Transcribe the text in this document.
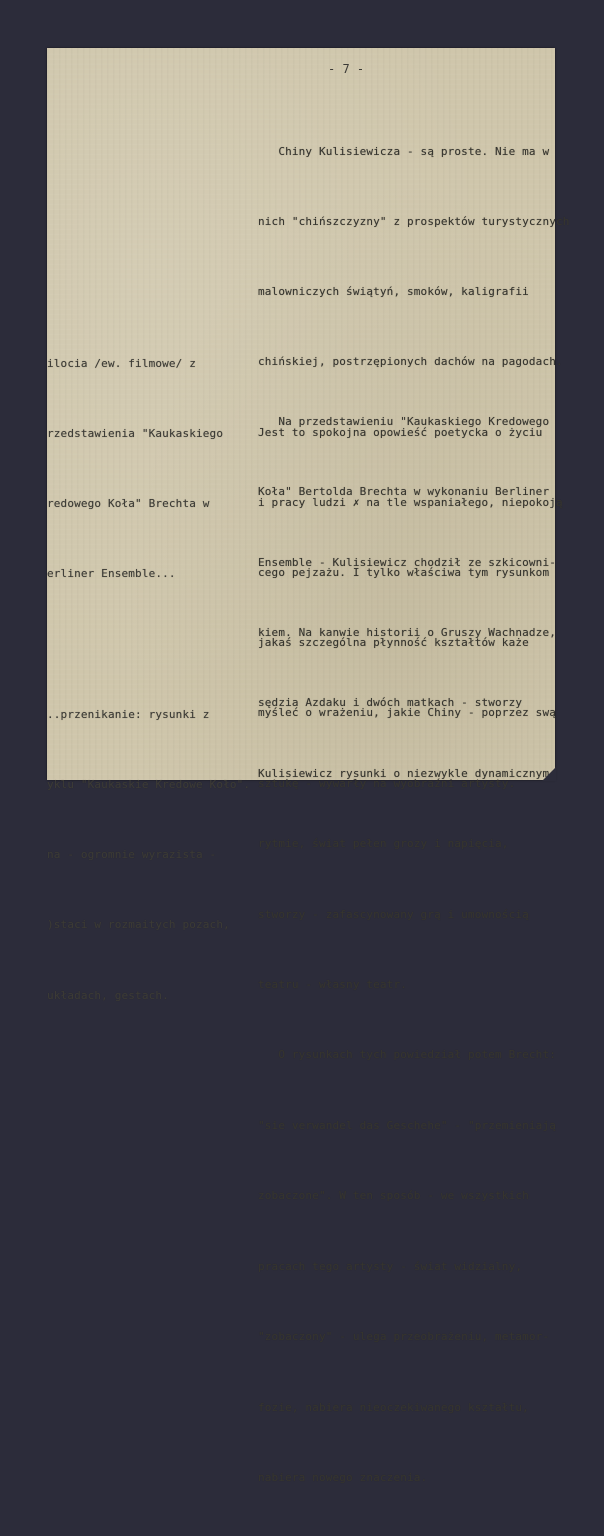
- 7 -

Chiny Kulisiewicza - są proste. Nie ma w

nich "chińszczyzny" z prospektów turystycznych

malowniczych świątyń, smoków, kaligrafii

chińskiej, postrzępionych dachów na pagodach.

Jest to spokojna opowieść poetycka o życiu

i pracy ludzi ✗ na tle wspaniałego, niepokoją

cego pejzażu. I tylko właściwa tym rysunkom

jakaś szczególna płynność kształtów każe

myśleć o wrażeniu, jakie Chiny - poprzez swą

sztukę - wywarły na wyobraźni artysty.

ilocia /ew. filmowe/ z

rzedstawienia "Kaukaskiego

redowego Koła" Brechta w

erliner Ensemble...

..przenikanie: rysunki z

yklu "Kaukaskie Kredowe Koło".

na - ogromnie wyrazista -

)staci w rozmaitych pozach,

układach, gestach.

Na przedstawieniu "Kaukaskiego Kredowego

Koła" Bertolda Brechta w wykonaniu Berliner

Ensemble - Kulisiewicz chodził ze szkicowni-

kiem. Na kanwie historii o Gruszy Wachnadze,

sędzia Azdaku i dwóch matkach - stworzy

Kulisiewicz rysunki o niezwykle dynamicznym

rytmie, świat pełen grozy i napięcia,

stworzy - zafascynowany grą i umownością

teatru - własny teatr.

O rysunkach tych powiedział potem Brecht:

"sie verwandel das Geschehe" - "przemieniają

zobaczone". W ten sposób - we wszystkich

pracach tego artysty - świat widzialny,

"zobaczony" - ulega przeobrażeniu, metamor-

fozie, nabiera nieoczekiwanego kształtu,

nabiera nowego znaczenia.
